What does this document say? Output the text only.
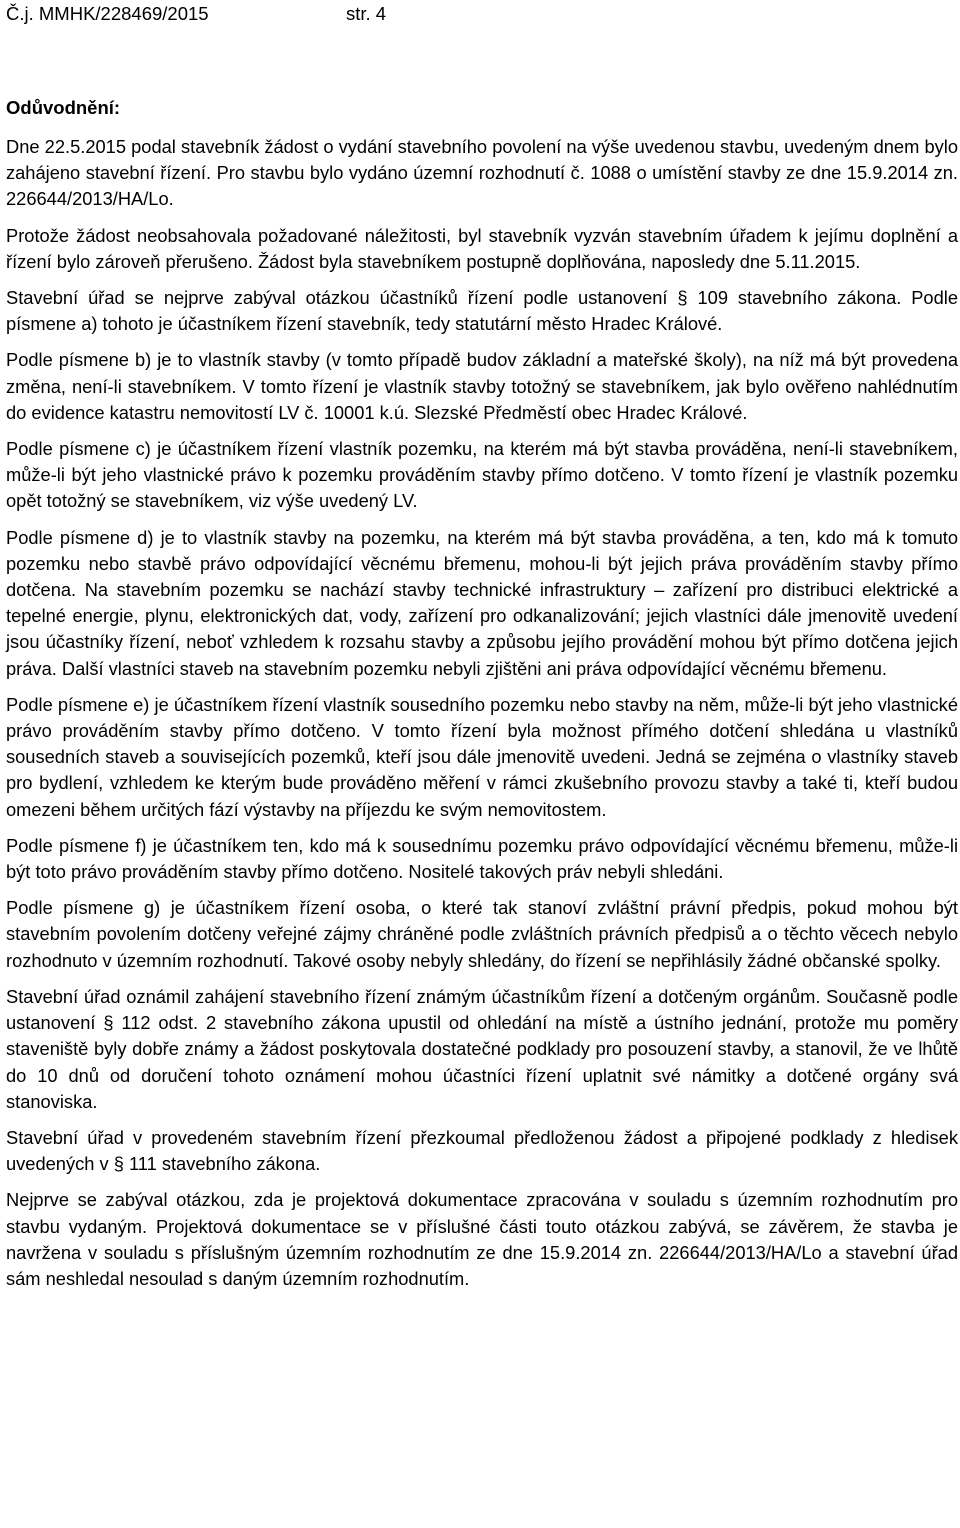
Č.j. MMHK/228469/2015	str. 4
Odůvodnění:

Dne 22.5.2015 podal stavebník žádost o vydání stavebního povolení na výše uvedenou stavbu, uvedeným dnem bylo zahájeno stavební řízení. Pro stavbu bylo vydáno územní rozhodnutí č. 1088 o umístění stavby ze dne 15.9.2014 zn. 226644/2013/HA/Lo.

Protože žádost neobsahovala požadované náležitosti, byl stavebník vyzván stavebním úřadem k jejímu doplnění a řízení bylo zároveň přerušeno. Žádost byla stavebníkem postupně doplňována, naposledy dne 5.11.2015.

Stavební úřad se nejprve zabýval otázkou účastníků řízení podle ustanovení § 109 stavebního zákona. Podle písmene a) tohoto je účastníkem řízení stavebník, tedy statutární město Hradec Králové.

Podle písmene b) je to vlastník stavby (v tomto případě budov základní a mateřské školy), na níž má být provedena změna, není-li stavebníkem. V tomto řízení je vlastník stavby totožný se stavebníkem, jak bylo ověřeno nahlédnutím do evidence katastru nemovitostí LV č. 10001 k.ú. Slezské Předměstí obec Hradec Králové.

Podle písmene c) je účastníkem řízení vlastník pozemku, na kterém má být stavba prováděna, není-li stavebníkem, může-li být jeho vlastnické právo k pozemku prováděním stavby přímo dotčeno. V tomto řízení je vlastník pozemku opět totožný se stavebníkem, viz výše uvedený LV.

Podle písmene d) je to vlastník stavby na pozemku, na kterém má být stavba prováděna, a ten, kdo má k tomuto pozemku nebo stavbě právo odpovídající věcnému břemenu, mohou-li být jejich práva prováděním stavby přímo dotčena. Na stavebním pozemku se nachází stavby technické infrastruktury – zařízení pro distribuci elektrické a tepelné energie, plynu, elektronických dat, vody, zařízení pro odkanalizování; jejich vlastníci dále jmenovitě uvedení jsou účastníky řízení, neboť vzhledem k rozsahu stavby a způsobu jejího provádění mohou být přímo dotčena jejich práva. Další vlastníci staveb na stavebním pozemku nebyli zjištěni ani práva odpovídající věcnému břemenu.

Podle písmene e) je účastníkem řízení vlastník sousedního pozemku nebo stavby na něm, může-li být jeho vlastnické právo prováděním stavby přímo dotčeno. V tomto řízení byla možnost přímého dotčení shledána u vlastníků sousedních staveb a souvisejících pozemků, kteří jsou dále jmenovitě uvedeni. Jedná se zejména o vlastníky staveb pro bydlení, vzhledem ke kterým bude prováděno měření v rámci zkušebního provozu stavby a také ti, kteří budou omezeni během určitých fází výstavby na příjezdu ke svým nemovitostem.

Podle písmene f) je účastníkem ten, kdo má k sousednímu pozemku právo odpovídající věcnému břemenu, může-li být toto právo prováděním stavby přímo dotčeno. Nositelé takových práv nebyli shledáni.

Podle písmene g) je účastníkem řízení osoba, o které tak stanoví zvláštní právní předpis, pokud mohou být stavebním povolením dotčeny veřejné zájmy chráněné podle zvláštních právních předpisů a o těchto věcech nebylo rozhodnuto v územním rozhodnutí. Takové osoby nebyly shledány, do řízení se nepřihlásily žádné občanské spolky.

Stavební úřad oznámil zahájení stavebního řízení známým účastníkům řízení a dotčeným orgánům. Současně podle ustanovení § 112 odst. 2 stavebního zákona upustil od ohledání na místě a ústního jednání, protože mu poměry staveniště byly dobře známy a žádost poskytovala dostatečné podklady pro posouzení stavby, a stanovil, že ve lhůtě do 10 dnů od doručení tohoto oznámení mohou účastníci řízení uplatnit své námitky a dotčené orgány svá stanoviska.

Stavební úřad v provedeném stavebním řízení přezkoumal předloženou žádost a připojené podklady z hledisek uvedených v § 111 stavebního zákona.

Nejprve se zabýval otázkou, zda je projektová dokumentace zpracována v souladu s územním rozhodnutím pro stavbu vydaným. Projektová dokumentace se v příslušné části touto otázkou zabývá, se závěrem, že stavba je navržena v souladu s příslušným územním rozhodnutím ze dne 15.9.2014 zn. 226644/2013/HA/Lo a stavební úřad sám neshledal nesoulad s daným územním rozhodnutím.
